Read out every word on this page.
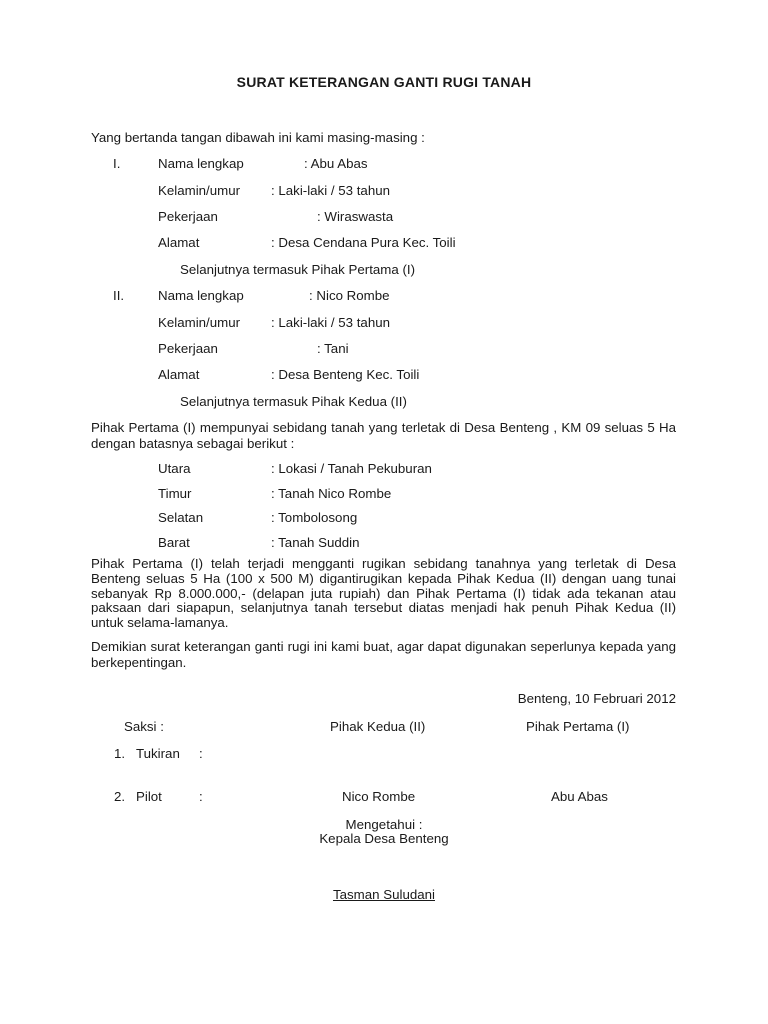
SURAT KETERANGAN GANTI RUGI TANAH
Yang bertanda tangan dibawah ini kami masing-masing :
I.	Nama lengkap	: Abu Abas
Kelamin/umur : Laki-laki / 53 tahun
Pekerjaan	: Wiraswasta
Alamat	: Desa Cendana Pura Kec. Toili
Selanjutnya termasuk Pihak Pertama (I)
II.	Nama lengkap	: Nico Rombe
Kelamin/umur : Laki-laki / 53 tahun
Pekerjaan	: Tani
Alamat	: Desa Benteng Kec. Toili
Selanjutnya termasuk Pihak Kedua (II)
Pihak Pertama (I) mempunyai sebidang tanah yang terletak di Desa Benteng , KM 09 seluas 5 Ha dengan batasnya sebagai berikut :
Utara	: Lokasi / Tanah Pekuburan
Timur	: Tanah Nico Rombe
Selatan	: Tombolosong
Barat	: Tanah Suddin
Pihak Pertama (I) telah terjadi mengganti rugikan sebidang tanahnya yang terletak di Desa Benteng seluas 5 Ha (100 x 500 M) digantirugikan kepada Pihak Kedua (II) dengan uang tunai sebanyak Rp 8.000.000,- (delapan juta rupiah) dan Pihak Pertama (I) tidak ada tekanan atau paksaan dari siapapun, selanjutnya tanah tersebut diatas menjadi hak penuh Pihak Kedua (II) untuk selama-lamanya.
Demikian surat keterangan ganti rugi ini kami buat, agar dapat digunakan seperlunya kepada yang berkepentingan.
Benteng, 10 Februari 2012
Saksi :	Pihak Kedua (II)	Pihak Pertama (I)
1. Tukiran :
2. Pilot	:	Nico Rombe	Abu Abas
Mengetahui :
Kepala Desa Benteng
Tasman Suludani
